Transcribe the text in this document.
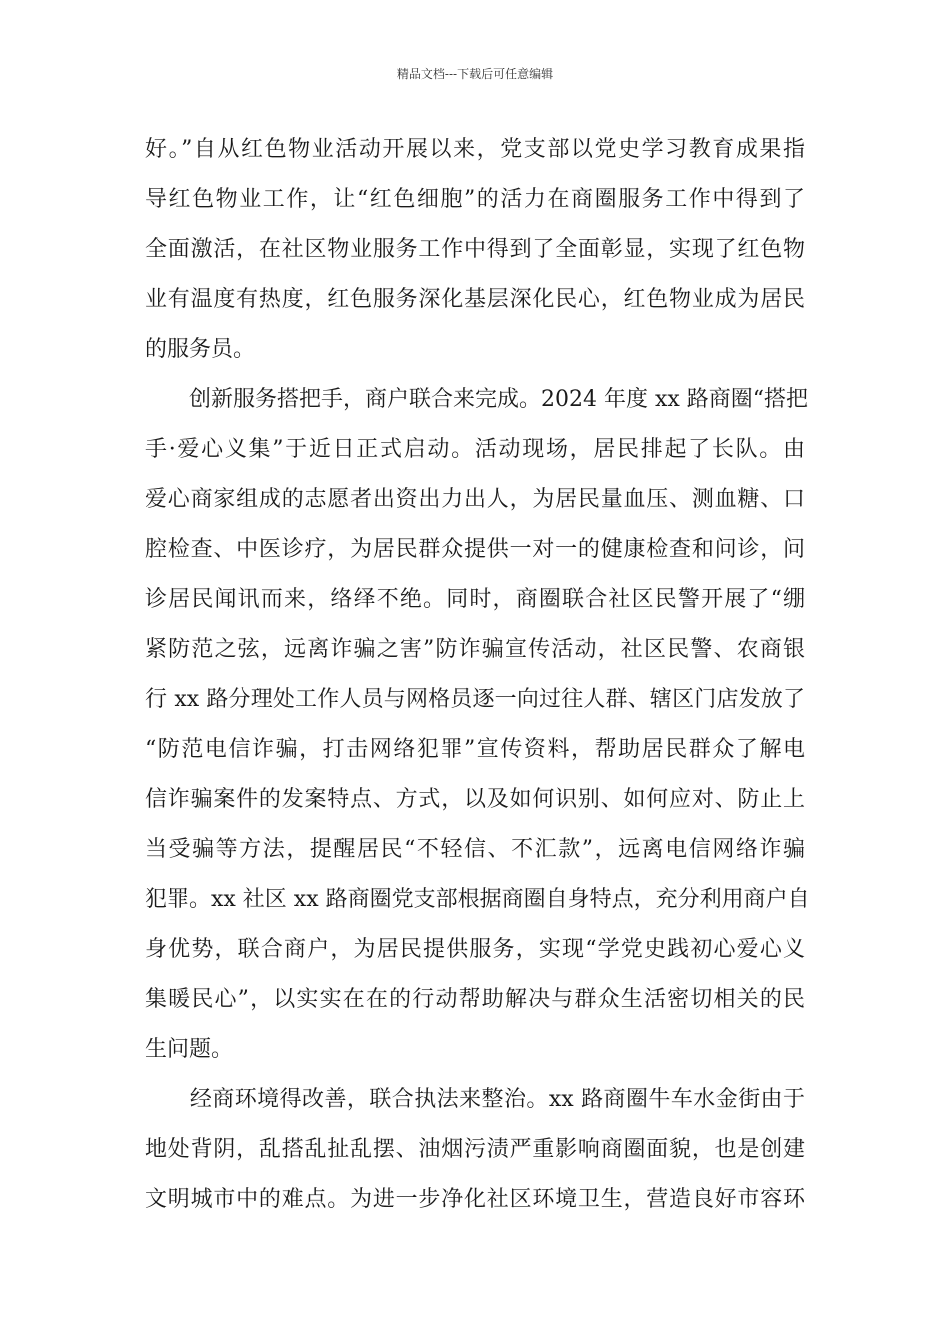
精品文档---下载后可任意编辑
好。”自从红色物业活动开展以来，党支部以党史学习教育成果指
导红色物业工作，让“红色细胞”的活力在商圈服务工作中得到了
全面激活，在社区物业服务工作中得到了全面彰显，实现了红色物
业有温度有热度，红色服务深化基层深化民心，红色物业成为居民
的服务员。
　　创新服务搭把手，商户联合来完成。2024 年度 xx 路商圈“搭把
手·爱心义集”于近日正式启动。活动现场，居民排起了长队。由
爱心商家组成的志愿者出资出力出人，为居民量血压、测血糖、口
腔检查、中医诊疗，为居民群众提供一对一的健康检查和问诊，问
诊居民闻讯而来，络绎不绝。同时，商圈联合社区民警开展了“绷
紧防范之弦，远离诈骗之害”防诈骗宣传活动，社区民警、农商银
行 xx 路分理处工作人员与网格员逐一向过往人群、辖区门店发放了
“防范电信诈骗，打击网络犯罪”宣传资料，帮助居民群众了解电
信诈骗案件的发案特点、方式，以及如何识别、如何应对、防止上
当受骗等方法，提醒居民“不轻信、不汇款”，远离电信网络诈骗
犯罪。xx 社区 xx 路商圈党支部根据商圈自身特点，充分利用商户自
身优势，联合商户，为居民提供服务，实现“学党史践初心爱心义
集暖民心”，以实实在在的行动帮助解决与群众生活密切相关的民
生问题。
　　经商环境得改善，联合执法来整治。xx 路商圈牛车水金街由于
地处背阴，乱搭乱扯乱摆、油烟污渍严重影响商圈面貌，也是创建
文明城市中的难点。为进一步净化社区环境卫生，营造良好市容环
